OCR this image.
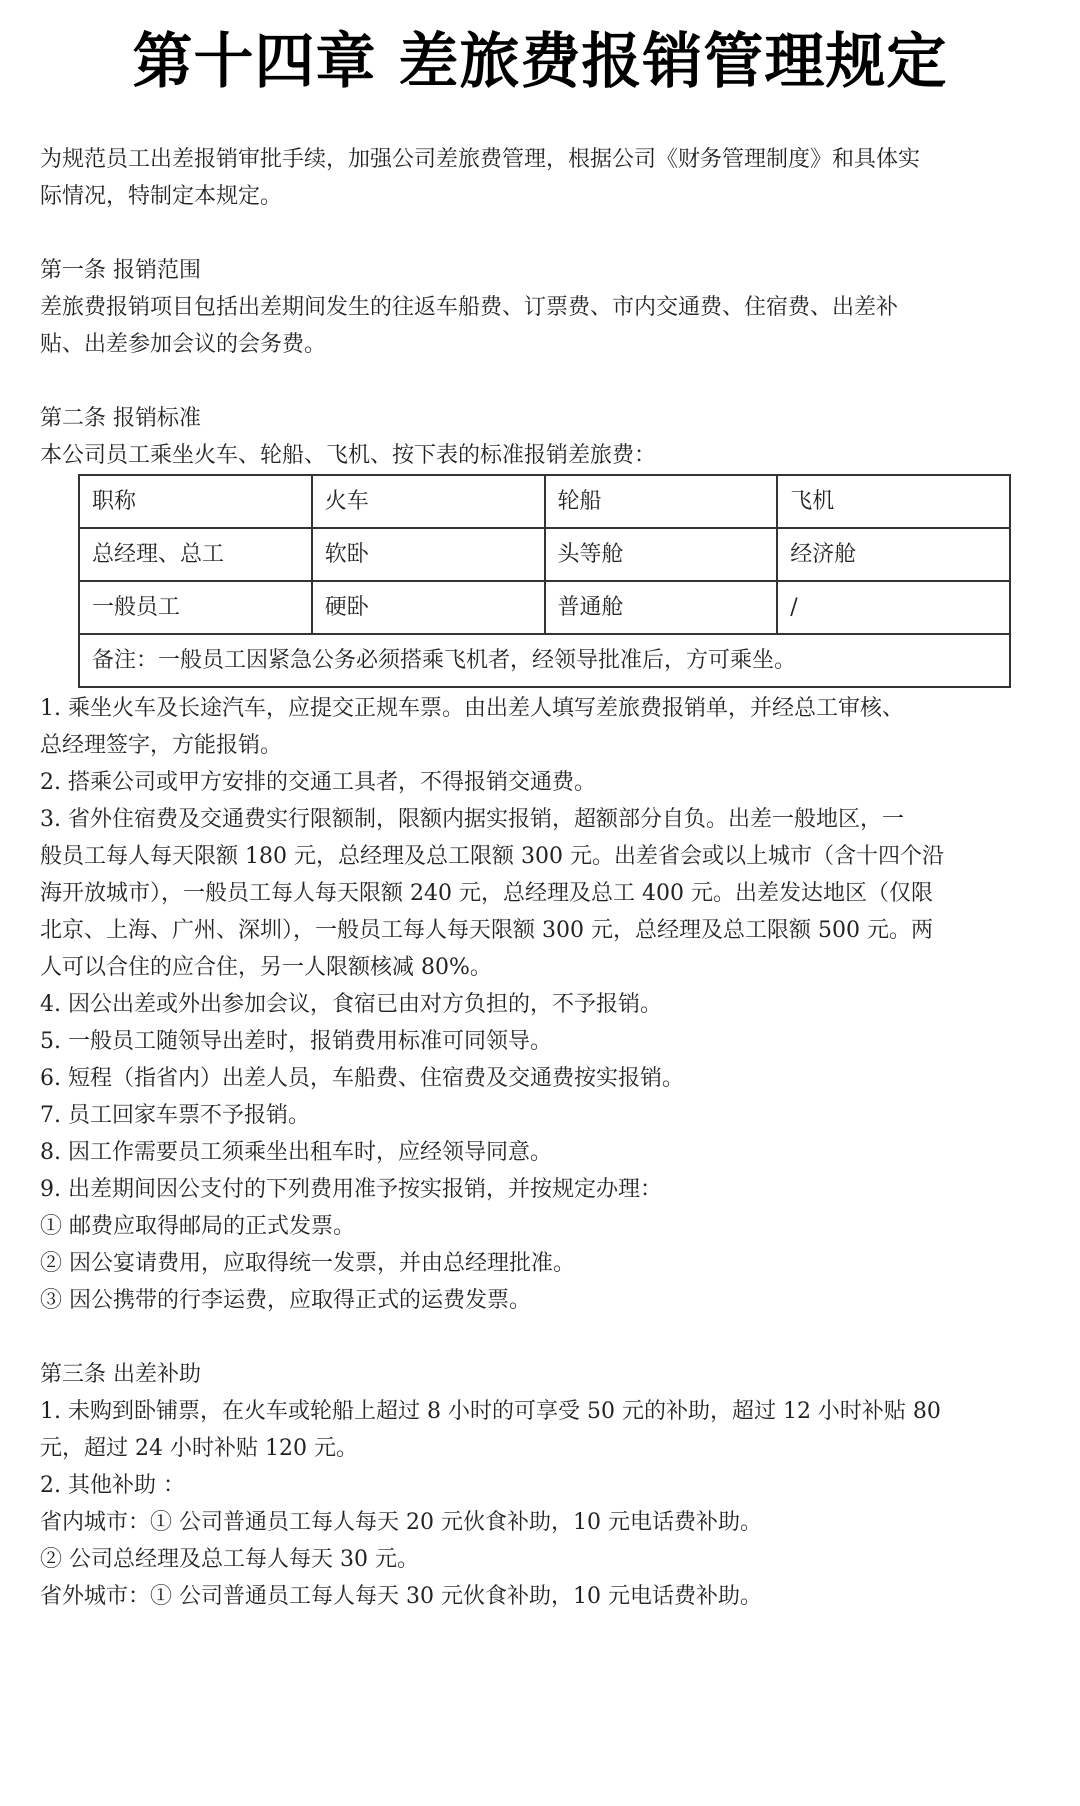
第十四章 差旅费报销管理规定

为规范员工出差报销审批手续，加强公司差旅费管理，根据公司《财务管理制度》和具体实

际情况，特制定本规定。

第一条 报销范围

差旅费报销项目包括出差期间发生的往返车船费、订票费、市内交通费、住宿费、出差补

贴、出差参加会议的会务费。

第二条 报销标准

本公司员工乘坐火车、轮船、飞机、按下表的标准报销差旅费：

职称	火车	轮船	飞机
总经理、总工	软卧	头等舱	经济舱
一般员工	硬卧	普通舱	/
备注：一般员工因紧急公务必须搭乘飞机者，经领导批准后，方可乘坐。			

1. 乘坐火车及长途汽车，应提交正规车票。由出差人填写差旅费报销单，并经总工审核、

总经理签字，方能报销。

2. 搭乘公司或甲方安排的交通工具者，不得报销交通费。

3. 省外住宿费及交通费实行限额制，限额内据实报销，超额部分自负。出差一般地区，一

般员工每人每天限额 180 元，总经理及总工限额 300 元。出差省会或以上城市（含十四个沿

海开放城市），一般员工每人每天限额 240 元，总经理及总工 400 元。出差发达地区（仅限

北京、上海、广州、深圳），一般员工每人每天限额 300 元，总经理及总工限额 500 元。两

人可以合住的应合住，另一人限额核减 80%。

4. 因公出差或外出参加会议，食宿已由对方负担的，不予报销。

5. 一般员工随领导出差时，报销费用标准可同领导。

6. 短程（指省内）出差人员，车船费、住宿费及交通费按实报销。

7. 员工回家车票不予报销。

8. 因工作需要员工须乘坐出租车时，应经领导同意。

9. 出差期间因公支付的下列费用准予按实报销，并按规定办理：

① 邮费应取得邮局的正式发票。

② 因公宴请费用，应取得统一发票，并由总经理批准。

③ 因公携带的行李运费，应取得正式的运费发票。

第三条 出差补助

1. 未购到卧铺票，在火车或轮船上超过 8 小时的可享受 50 元的补助，超过 12 小时补贴 80

元，超过 24 小时补贴 120 元。

2. 其他补助 ：

省内城市：① 公司普通员工每人每天 20 元伙食补助，10 元电话费补助。

② 公司总经理及总工每人每天 30 元。

省外城市：① 公司普通员工每人每天 30 元伙食补助，10 元电话费补助。
